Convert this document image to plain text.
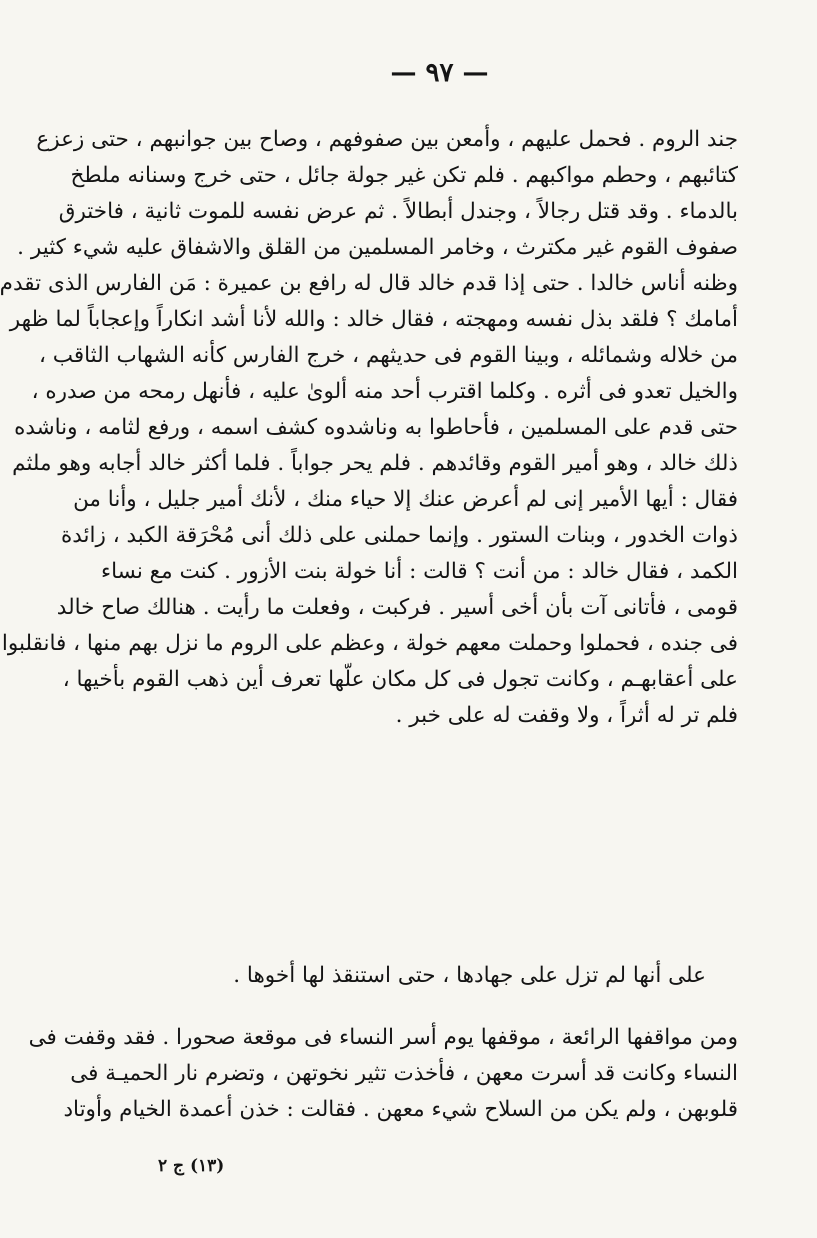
— ٩٧ —
جند الروم . فحمل عليهم ، وأمعن بين صفوفهم ، وصاح بين جوانبهم ، حتى زعزع
كتائبهم ، وحطم مواكبهم . فلم تكن غير جولة جائل ، حتى خرج وسنانه ملطخ
بالدماء . وقد قتل رجالاً ، وجندل أبطالاً . ثم عرض نفسه للموت ثانية ، فاخترق
صفوف القوم غير مكترث ، وخامر المسلمين من القلق والاشفاق عليه شيء كثير .
وظنه أناس خالدا . حتى إذا قدم خالد قال له رافع بن عميرة : مَن الفارس الذى تقدم
أمامك ؟ فلقد بذل نفسه ومهجته ، فقال خالد : والله لأنا أشد انكاراً وإعجاباً لما ظهر
من خلاله وشمائله ، وبينا القوم فى حديثهم ، خرج الفارس كأنه الشهاب الثاقب ،
والخيل تعدو فى أثره . وكلما اقترب أحد منه ألوىٰ عليه ، فأنهل رمحه من صدره ،
حتى قدم على المسلمين ، فأحاطوا به وناشدوه كشف اسمه ، ورفع لثامه ، وناشده
ذلك خالد ، وهو أمير القوم وقائدهم . فلم يحر جواباً . فلما أكثر خالد أجابه وهو ملثم
فقال : أيها الأمير إنى لم أعرض عنك إلا حياء منك ، لأنك أمير جليل ، وأنا من
ذوات الخدور ، وبنات الستور . وإنما حملنى على ذلك أنى مُحْرَقة الكبد ، زائدة
الكمد ، فقال خالد : من أنت ؟ قالت : أنا خولة بنت الأزور . كنت مع نساء
قومى ، فأتانى آت بأن أخى أسير . فركبت ، وفعلت ما رأيت . هنالك صاح خالد
فى جنده ، فحملوا وحملت معهم خولة ، وعظم على الروم ما نزل بهم منها ، فانقلبوا
على أعقابهـم ، وكانت تجول فى كل مكان علّها تعرف أين ذهب القوم بأخيها ،
فلم تر له أثراً ، ولا وقفت له على خبر .
على أنها لم تزل على جهادها ، حتى استنقذ لها أخوها .
ومن مواقفها الرائعة ، موقفها يوم أسر النساء فى موقعة صحورا . فقد وقفت فى
النساء وكانت قد أسرت معهن ، فأخذت تثير نخوتهن ، وتضرم نار الحميـة فى
قلوبهن ، ولم يكن من السلاح شيء معهن . فقالت : خذن أعمدة الخيام وأوتاد
(١٣) ج ٢
